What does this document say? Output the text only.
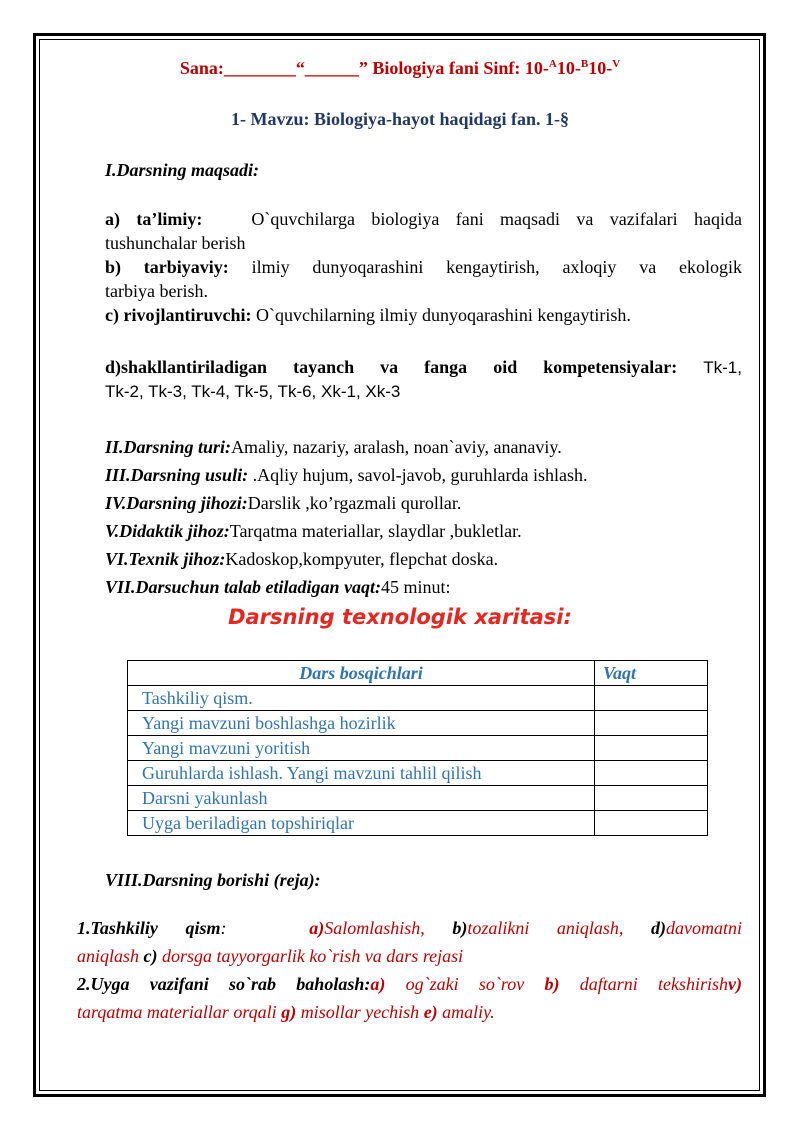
Sana:________“______” Biologiya fani Sinf: 10-$^A$10-$^B$10-$^V$
1- Mavzu: Biologiya-hayot haqidagi fan. 1-§
I.Darsning maqsadi:
a) ta’limiy:	O`quvchilarga biologiya fani maqsadi va vazifalari haqida
tushunchalar berish
b) tarbiyaviy: ilmiy dunyoqarashini kengaytirish, axloqiy va ekologik
tarbiya berish.
c) rivojlantiruvchi: O`quvchilarning ilmiy dunyoqarashini kengaytirish.
d)shakllantiriladigan tayanch va fanga oid kompetensiyalar: Tk-1,
Tk-2, Tk-3, Tk-4, Tk-5, Tk-6, Xk-1, Xk-3
II.Darsning turi:Amaliy, nazariy, aralash, noan`aviy, ananaviy.
III.Darsning usuli: .Aqliy hujum, savol-javob, guruhlarda ishlash.
IV.Darsning jihozi:Darslik ,ko’rgazmali qurollar.
V.Didaktik jihoz:Tarqatma materiallar, slaydlar ,bukletlar.
VI.Texnik jihoz:Kadoskop,kompyuter, flepchat doska.
VII.Darsuchun talab etiladigan vaqt:45 minut:
Darsning texnologik xaritasi:
Dars bosqichlari	Vaqt
Tashkiliy qism.	
Yangi mavzuni boshlashga hozirlik	
Yangi mavzuni yoritish	
Guruhlarda ishlash. Yangi mavzuni tahlil qilish	
Darsni yakunlash	
Uyga beriladigan topshiriqlar	
VIII.Darsning borishi (reja):
1.Tashkiliy qism:	a)Salomlashish, b)tozalikni aniqlash, d)davomatni
aniqlash c) dorsga tayyorgarlik ko`rish va dars rejasi
2.Uyga vazifani so`rab baholash:a) og`zaki so`rov b) daftarni tekshirishv)
tarqatma materiallar orqali g) misollar yechish e) amaliy.
